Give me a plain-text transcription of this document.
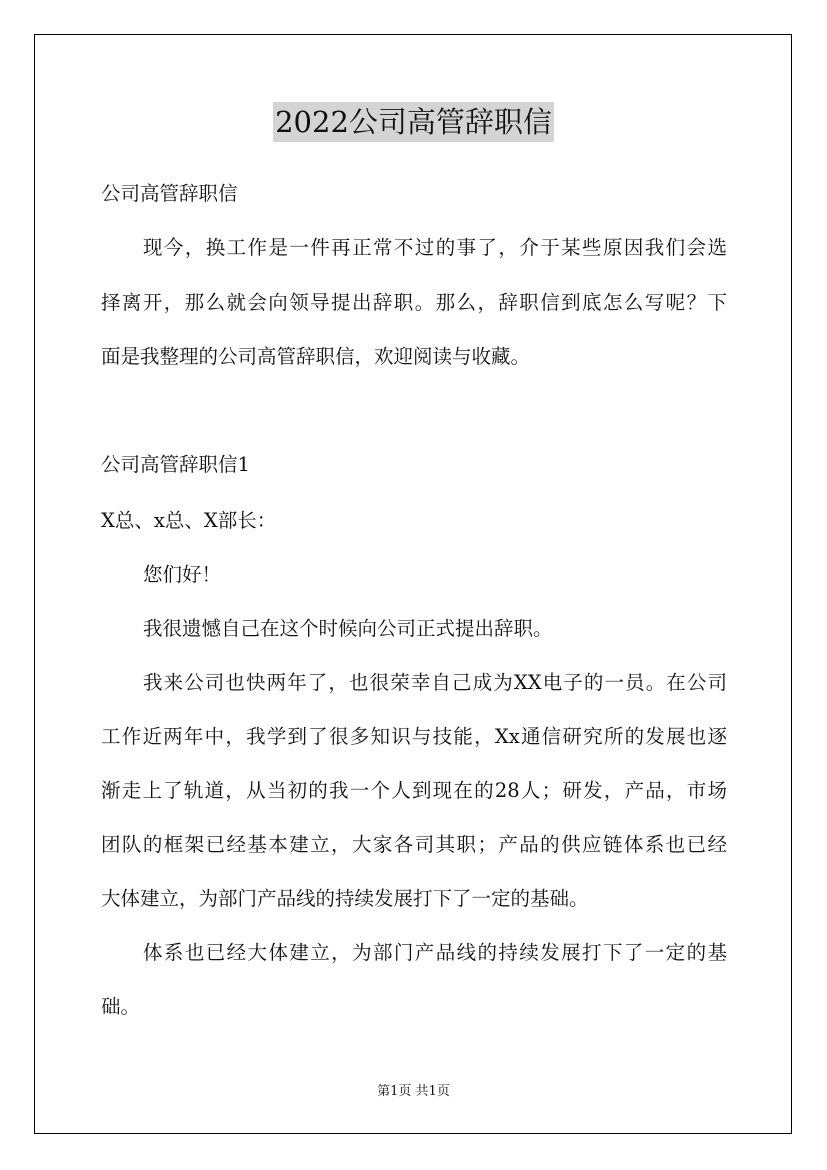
2022公司高管辞职信
公司高管辞职信
现今，换工作是一件再正常不过的事了，介于某些原因我们会选
择离开，那么就会向领导提出辞职。那么，辞职信到底怎么写呢？下
面是我整理的公司高管辞职信，欢迎阅读与收藏。
公司高管辞职信1
X总、x总、X部长：
您们好！
我很遗憾自己在这个时候向公司正式提出辞职。
我来公司也快两年了，也很荣幸自己成为XX电子的一员。在公司
工作近两年中，我学到了很多知识与技能，Xx通信研究所的发展也逐
渐走上了轨道，从当初的我一个人到现在的28人；研发，产品，市场
团队的框架已经基本建立，大家各司其职；产品的供应链体系也已经
大体建立，为部门产品线的持续发展打下了一定的基础。
体系也已经大体建立，为部门产品线的持续发展打下了一定的基
础。
第1页 共1页
